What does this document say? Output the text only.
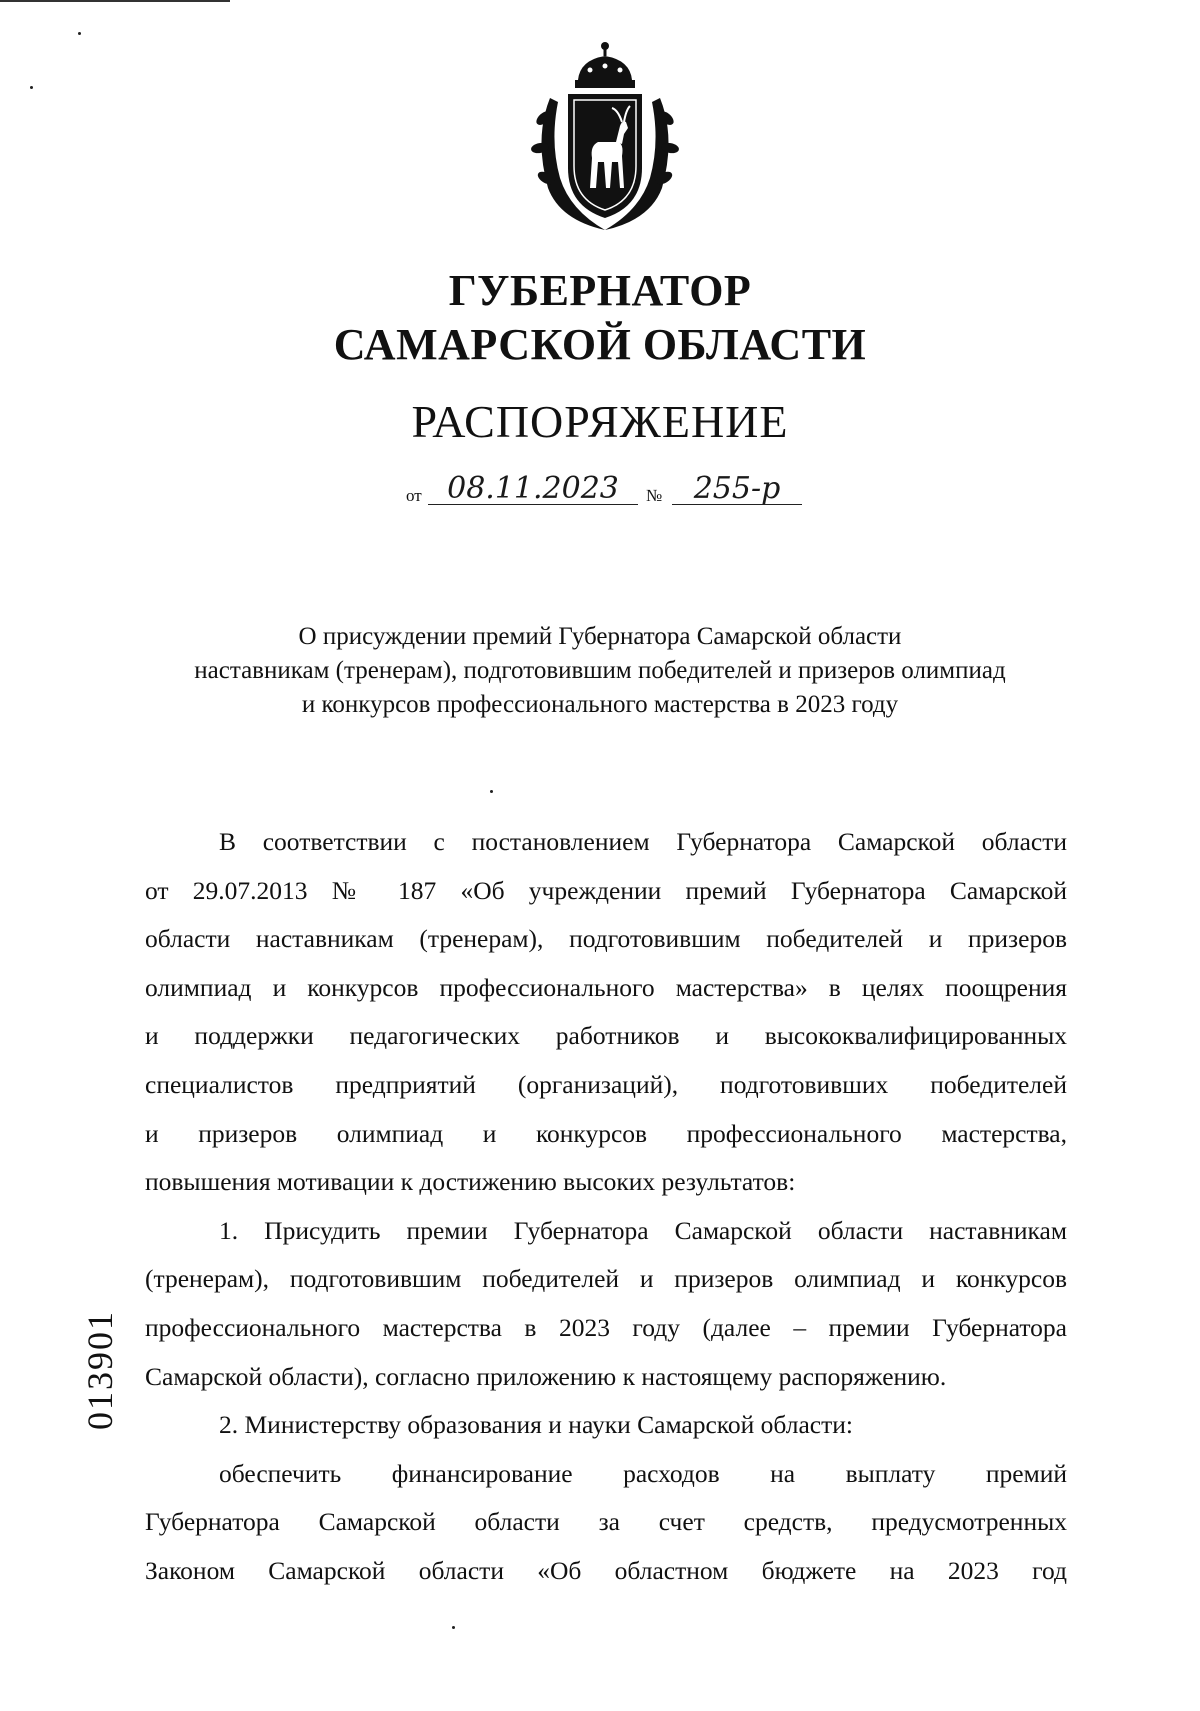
ГУБЕРНАТОР
САМАРСКОЙ ОБЛАСТИ
РАСПОРЯЖЕНИЕ
от 08.11.2023	№	255-р
О присуждении премий Губернатора Самарской области
наставникам (тренерам), подготовившим победителей и призеров олимпиад
и конкурсов профессионального мастерства в 2023 году
В соответствии с постановлением Губернатора Самарской области
от 29.07.2013 № 187 «Об учреждении премий Губернатора Самарской
области наставникам (тренерам), подготовившим победителей и призеров
олимпиад и конкурсов профессионального мастерства» в целях поощрения
и поддержки педагогических работников и высококвалифицированных
специалистов предприятий (организаций), подготовивших победителей
и призеров олимпиад и конкурсов профессионального мастерства,
повышения мотивации к достижению высоких результатов:
1. Присудить премии Губернатора Самарской области наставникам
(тренерам), подготовившим победителей и призеров олимпиад и конкурсов
профессионального мастерства в 2023 году (далее – премии Губернатора
Самарской области), согласно приложению к настоящему распоряжению.
2. Министерству образования и науки Самарской области:
обеспечить финансирование расходов на выплату премий
Губернатора Самарской области за счет средств, предусмотренных
Законом Самарской области «Об областном бюджете на 2023 год
013901
